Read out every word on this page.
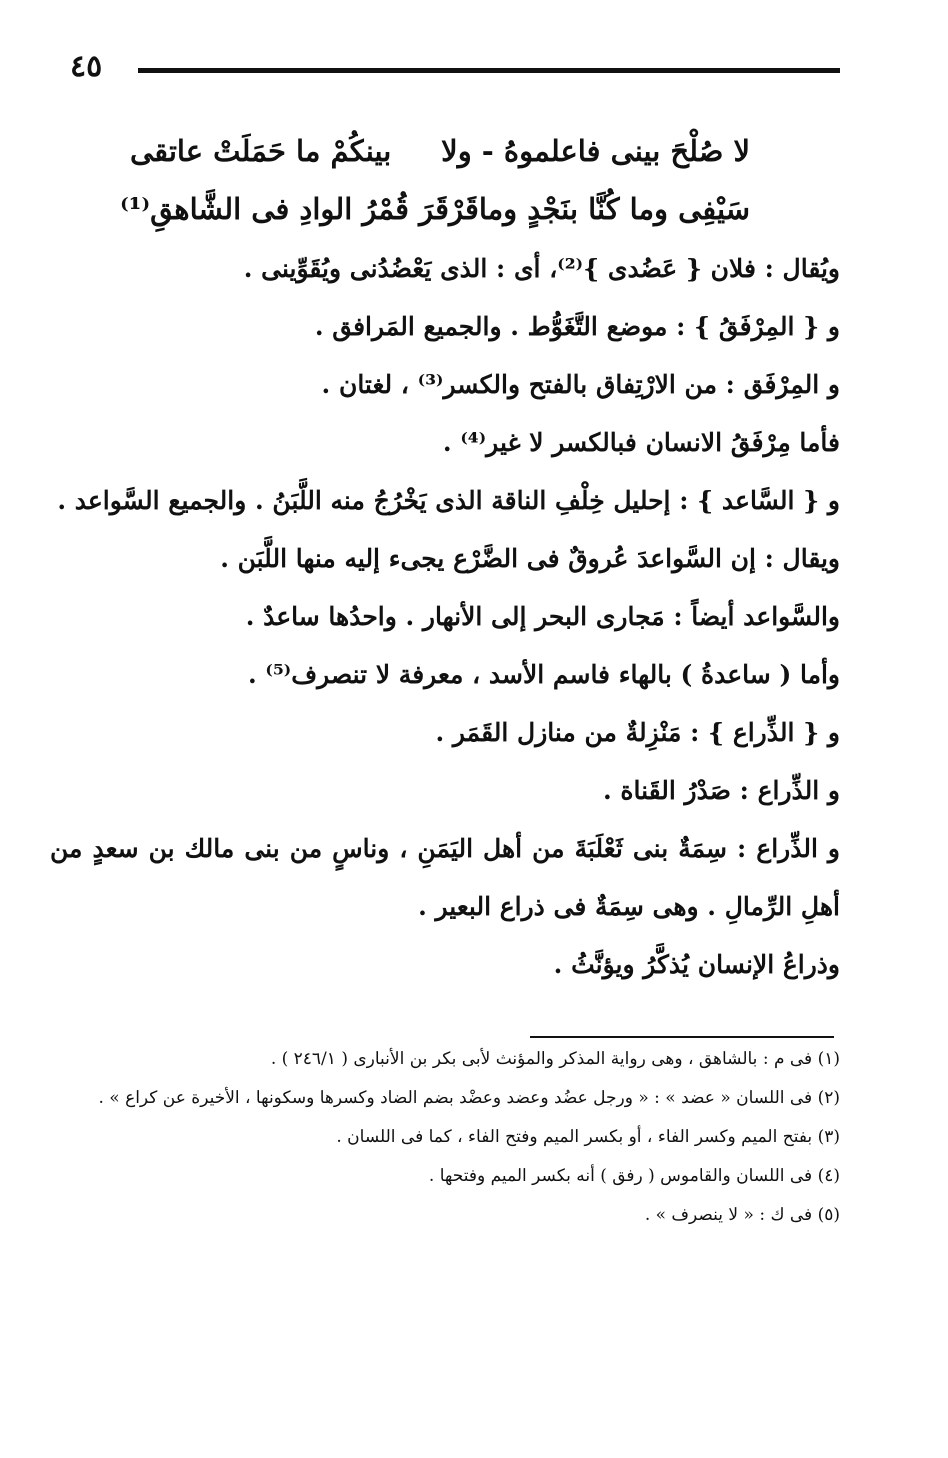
٤٥
لا صُلْحَ بينى فاعلموهُ - ولا
بينكُمْ ما حَمَلَتْ عاتقى
سَيْفِى وما كُنَّا بنَجْدٍ وما
قَرْقَرَ قُمْرُ الوادِ فى الشَّاهقِ⁽¹⁾
ويُقال : فلان { عَضُدى }⁽²⁾، أى : الذى يَعْضُدُنى ويُقَوِّينى .
و { المِرْفَقُ } : موضع التَّغَوُّط . والجميع المَرافق .
و المِرْفَق : من الارْتِفاق بالفتح والكسر⁽³⁾ ، لغتان .
فأما مِرْفَقُ الانسان فبالكسر لا غير⁽⁴⁾ .
و { السَّاعد } : إحليل خِلْفِ الناقة الذى يَخْرُجُ منه اللَّبَنُ . والجميع السَّواعد .
ويقال : إن السَّواعدَ عُروقٌ فى الضَّرْع يجىء إليه منها اللَّبَن .
والسَّواعد أيضاً : مَجارى البحر إلى الأنهار . واحدُها ساعدٌ .
وأما ( ساعدةُ ) بالهاء فاسم الأسد ، معرفة لا تنصرف⁽⁵⁾ .
و { الذِّراع } : مَنْزِلةٌ من منازل القَمَر .
و الذِّراع : صَدْرُ القَناة .
و الذِّراع : سِمَةٌ بنى ثَعْلَبَةَ من أهل اليَمَنِ ، وناسٍ من بنى مالك بن سعدٍ من
أهلِ الرِّمالِ . وهى سِمَةٌ فى ذراع البعير .
وذراعُ الإنسان يُذكَّرُ ويؤنَّثُ .
(١) فى م : بالشاهق ، وهى رواية المذكر والمؤنث لأبى بكر بن الأنبارى ( ٢٤٦/١ ) .
(٢) فى اللسان « عضد » : « ورجل عضُد وعضد وعضْد بضم الضاد وكسرها وسكونها ، الأخيرة عن كراع » .
(٣) بفتح الميم وكسر الفاء ، أو بكسر الميم وفتح الفاء ، كما فى اللسان .
(٤) فى اللسان والقاموس ( رفق ) أنه بكسر الميم وفتحها .
(٥) فى ك : « لا ينصرف » .
